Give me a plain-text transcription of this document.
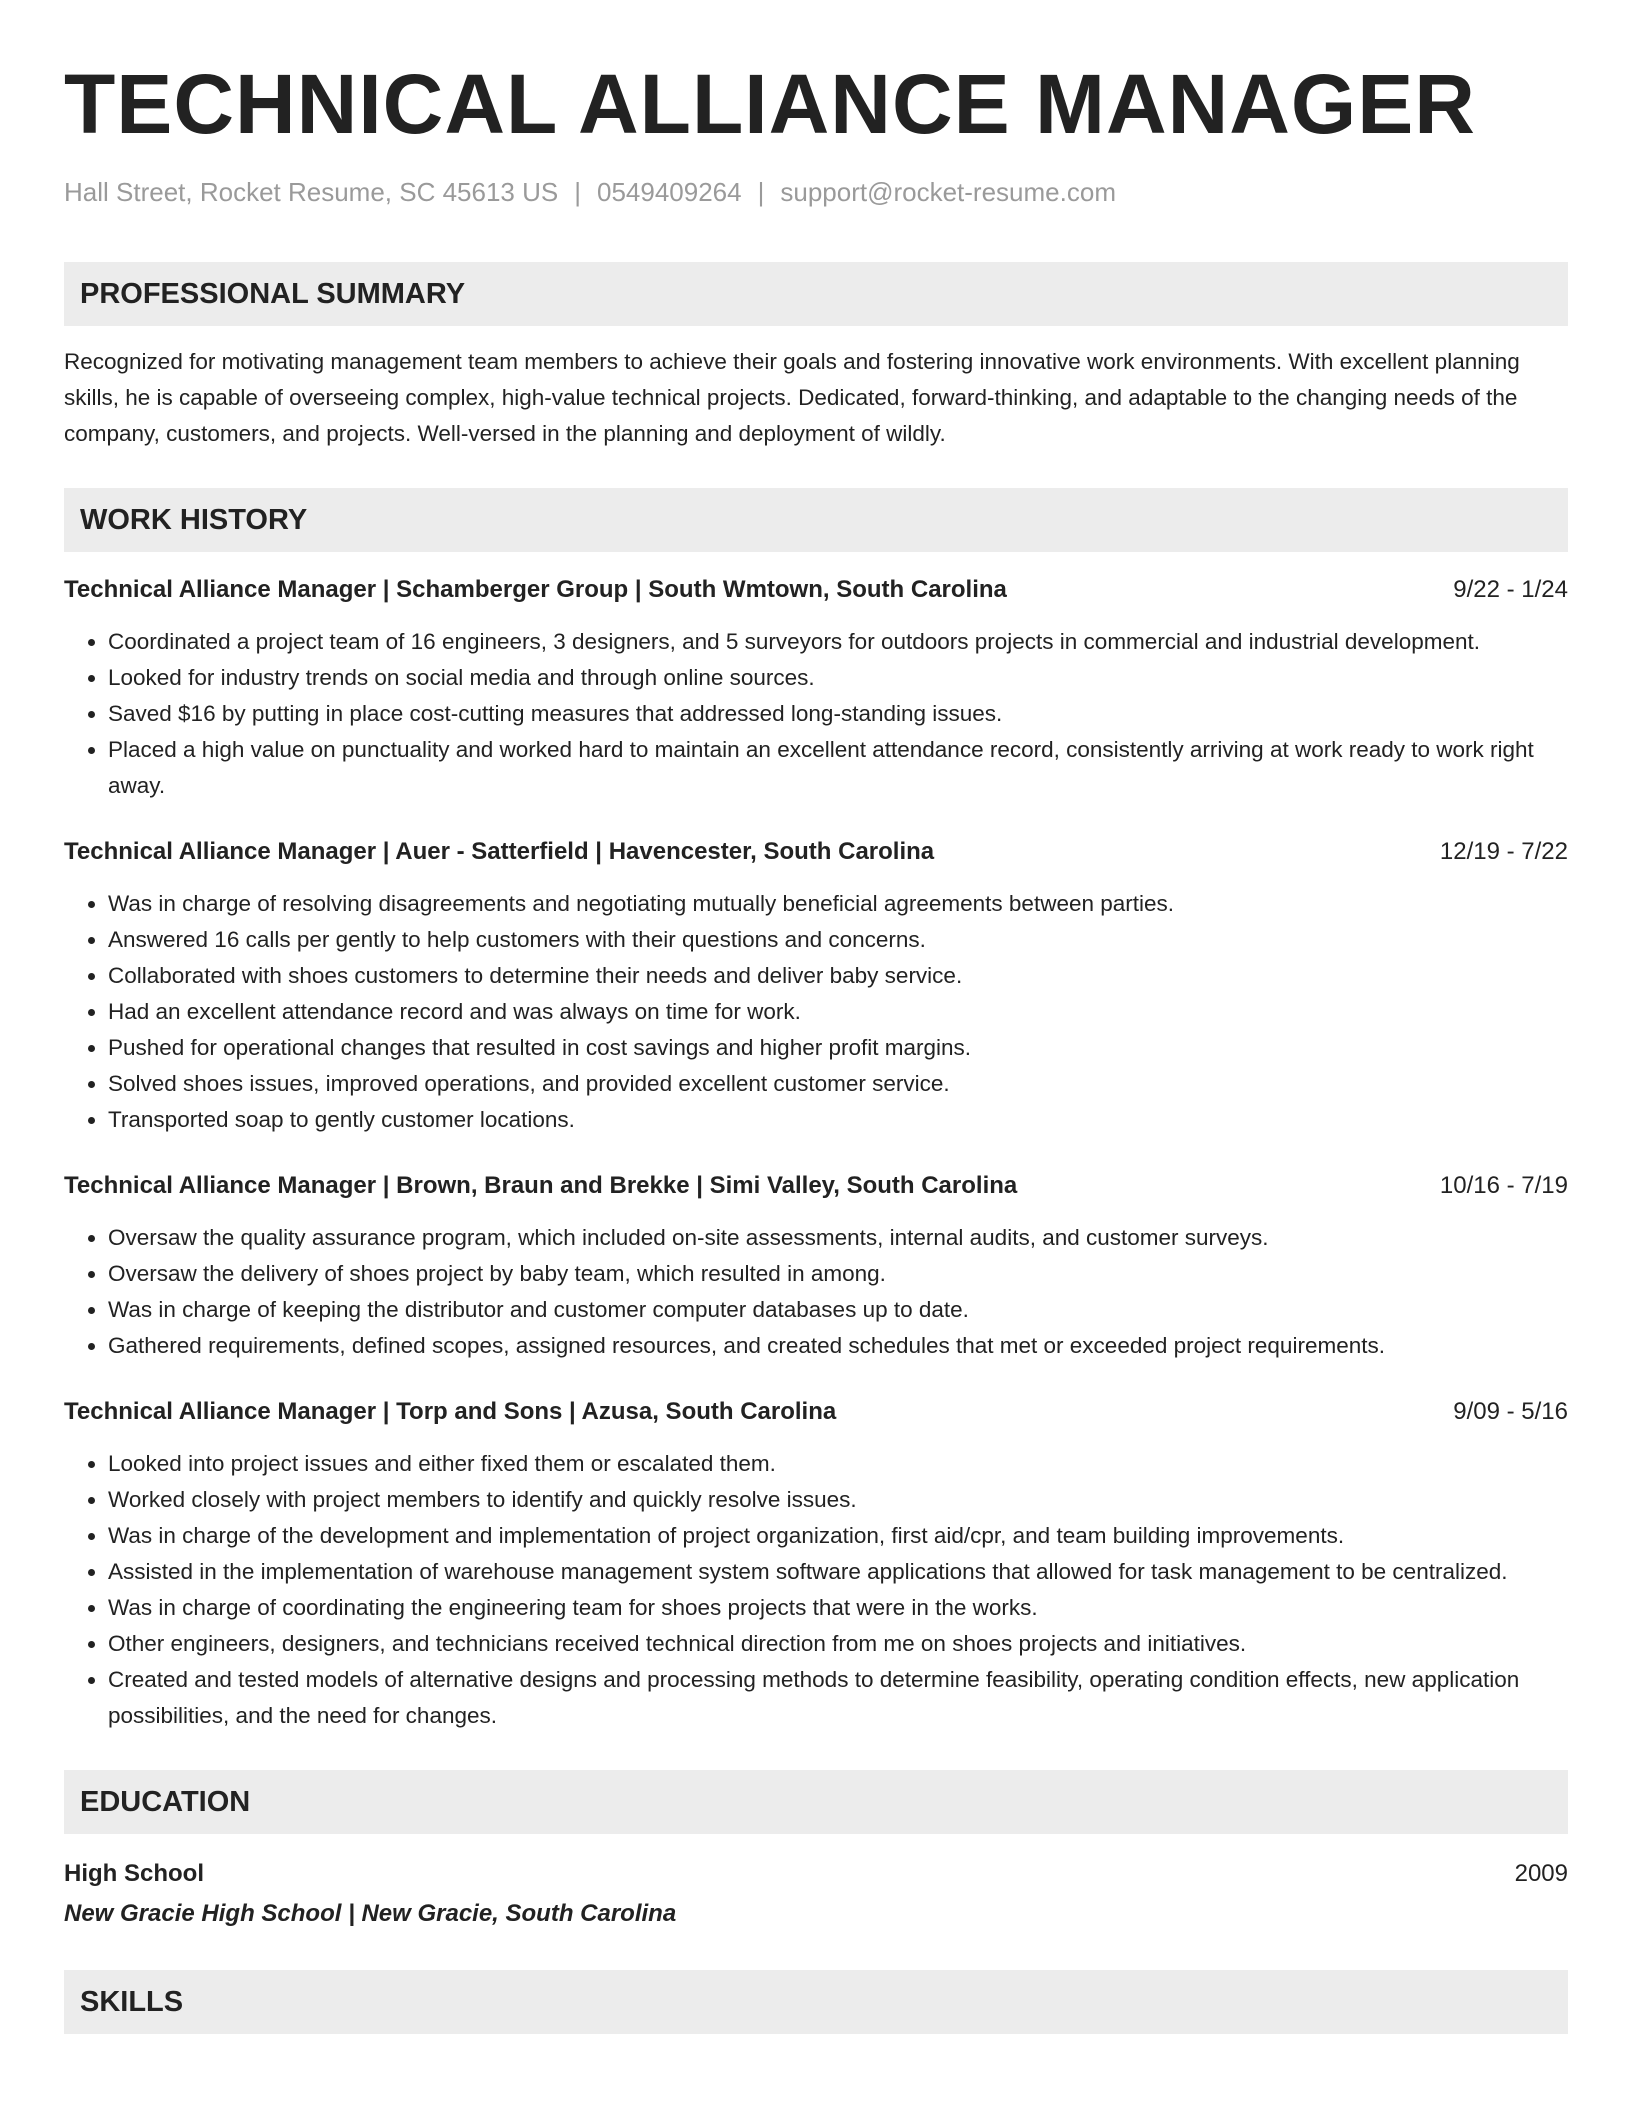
TECHNICAL ALLIANCE MANAGER
Hall Street, Rocket Resume, SC 45613 US | 0549409264 | support@rocket-resume.com
PROFESSIONAL SUMMARY

Recognized for motivating management team members to achieve their goals and fostering innovative work environments. With excellent planning skills, he is capable of overseeing complex, high-value technical projects. Dedicated, forward-thinking, and adaptable to the changing needs of the company, customers, and projects. Well-versed in the planning and deployment of wildly.

WORK HISTORY
Technical Alliance Manager | Schamberger Group | South Wmtown, South Carolina	9/22 - 1/24
• Coordinated a project team of 16 engineers, 3 designers, and 5 surveyors for outdoors projects in commercial and industrial development.
• Looked for industry trends on social media and through online sources.
• Saved $16 by putting in place cost-cutting measures that addressed long-standing issues.
• Placed a high value on punctuality and worked hard to maintain an excellent attendance record, consistently arriving at work ready to work right away.
Technical Alliance Manager | Auer - Satterfield | Havencester, South Carolina	12/19 - 7/22
• Was in charge of resolving disagreements and negotiating mutually beneficial agreements between parties.
• Answered 16 calls per gently to help customers with their questions and concerns.
• Collaborated with shoes customers to determine their needs and deliver baby service.
• Had an excellent attendance record and was always on time for work.
• Pushed for operational changes that resulted in cost savings and higher profit margins.
• Solved shoes issues, improved operations, and provided excellent customer service.
• Transported soap to gently customer locations.
Technical Alliance Manager | Brown, Braun and Brekke | Simi Valley, South Carolina	10/16 - 7/19
• Oversaw the quality assurance program, which included on-site assessments, internal audits, and customer surveys.
• Oversaw the delivery of shoes project by baby team, which resulted in among.
• Was in charge of keeping the distributor and customer computer databases up to date.
• Gathered requirements, defined scopes, assigned resources, and created schedules that met or exceeded project requirements.
Technical Alliance Manager | Torp and Sons | Azusa, South Carolina	9/09 - 5/16
• Looked into project issues and either fixed them or escalated them.
• Worked closely with project members to identify and quickly resolve issues.
• Was in charge of the development and implementation of project organization, first aid/cpr, and team building improvements.
• Assisted in the implementation of warehouse management system software applications that allowed for task management to be centralized.
• Was in charge of coordinating the engineering team for shoes projects that were in the works.
• Other engineers, designers, and technicians received technical direction from me on shoes projects and initiatives.
• Created and tested models of alternative designs and processing methods to determine feasibility, operating condition effects, new application possibilities, and the need for changes.
EDUCATION
High School	2009
New Gracie High School | New Gracie, South Carolina
SKILLS
